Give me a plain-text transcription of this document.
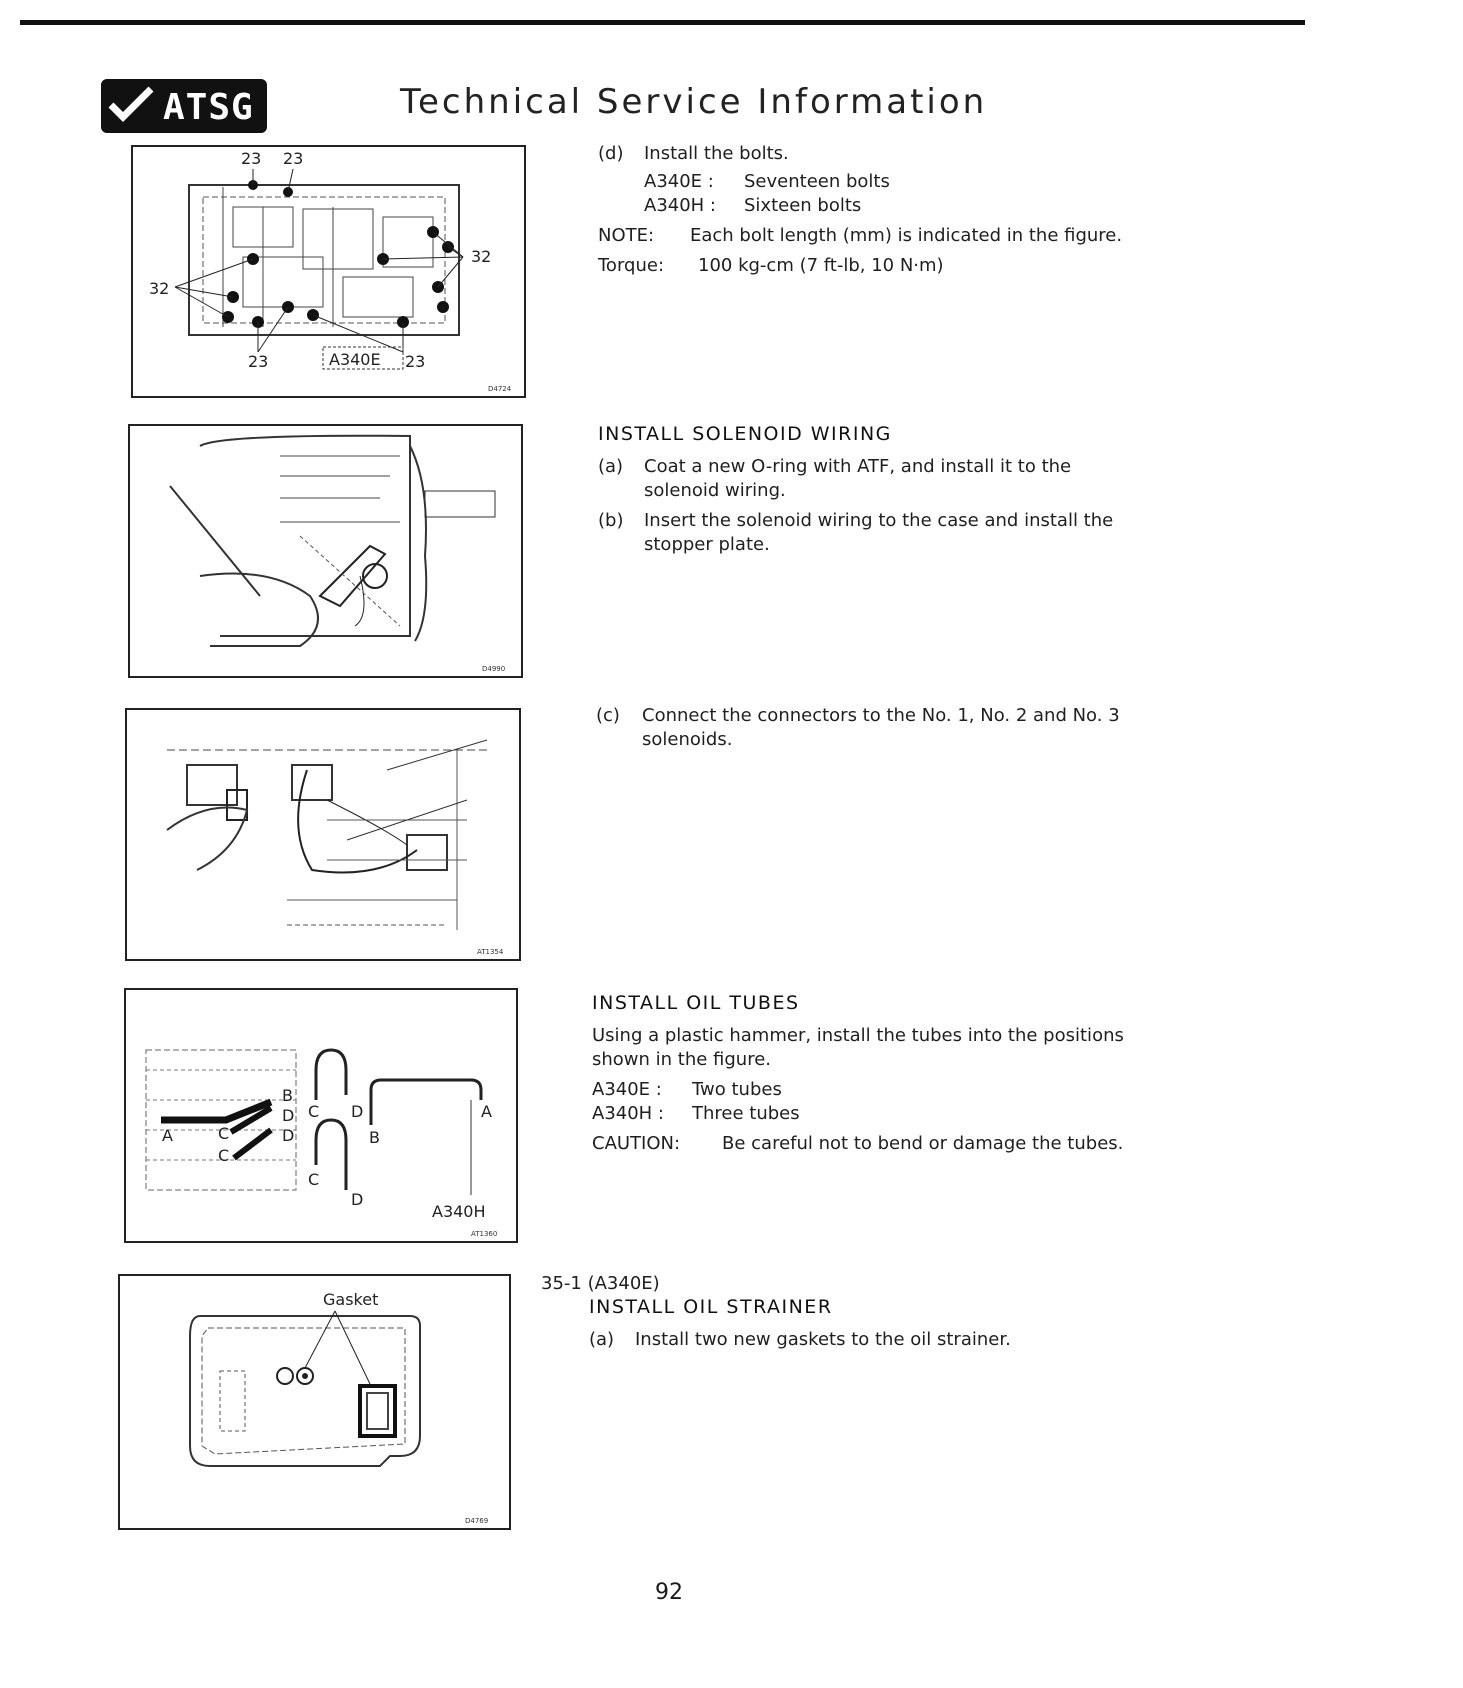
ATSG	Technical Service Information
23 23
32
32
23	A340E 23
D4724
(d)	Install the bolts.
A340E :	Seventeen bolts
A340H :	Sixteen bolts
NOTE:	Each bolt length (mm) is indicated in the figure.
Torque:	100 kg-cm (7 ft-lb, 10 N·m)
D4990
INSTALL SOLENOID WIRING
(a)	Coat a new O-ring with ATF, and install it to the solenoid wiring.
(b)	Insert the solenoid wiring to the case and install the stopper plate.
AT1354
(c)	Connect the connectors to the No. 1, No. 2 and No. 3 solenoids.
B
D
A	C	D
C
C D
B
A
C
D
A340H
AT1360
INSTALL OIL TUBES
Using a plastic hammer, install the tubes into the positions shown in the figure.
A340E :	Two tubes
A340H :	Three tubes
CAUTION:	Be careful not to bend or damage the tubes.
Gasket
D4769
35-1 (A340E)
INSTALL OIL STRAINER
(a)	Install two new gaskets to the oil strainer.
92
